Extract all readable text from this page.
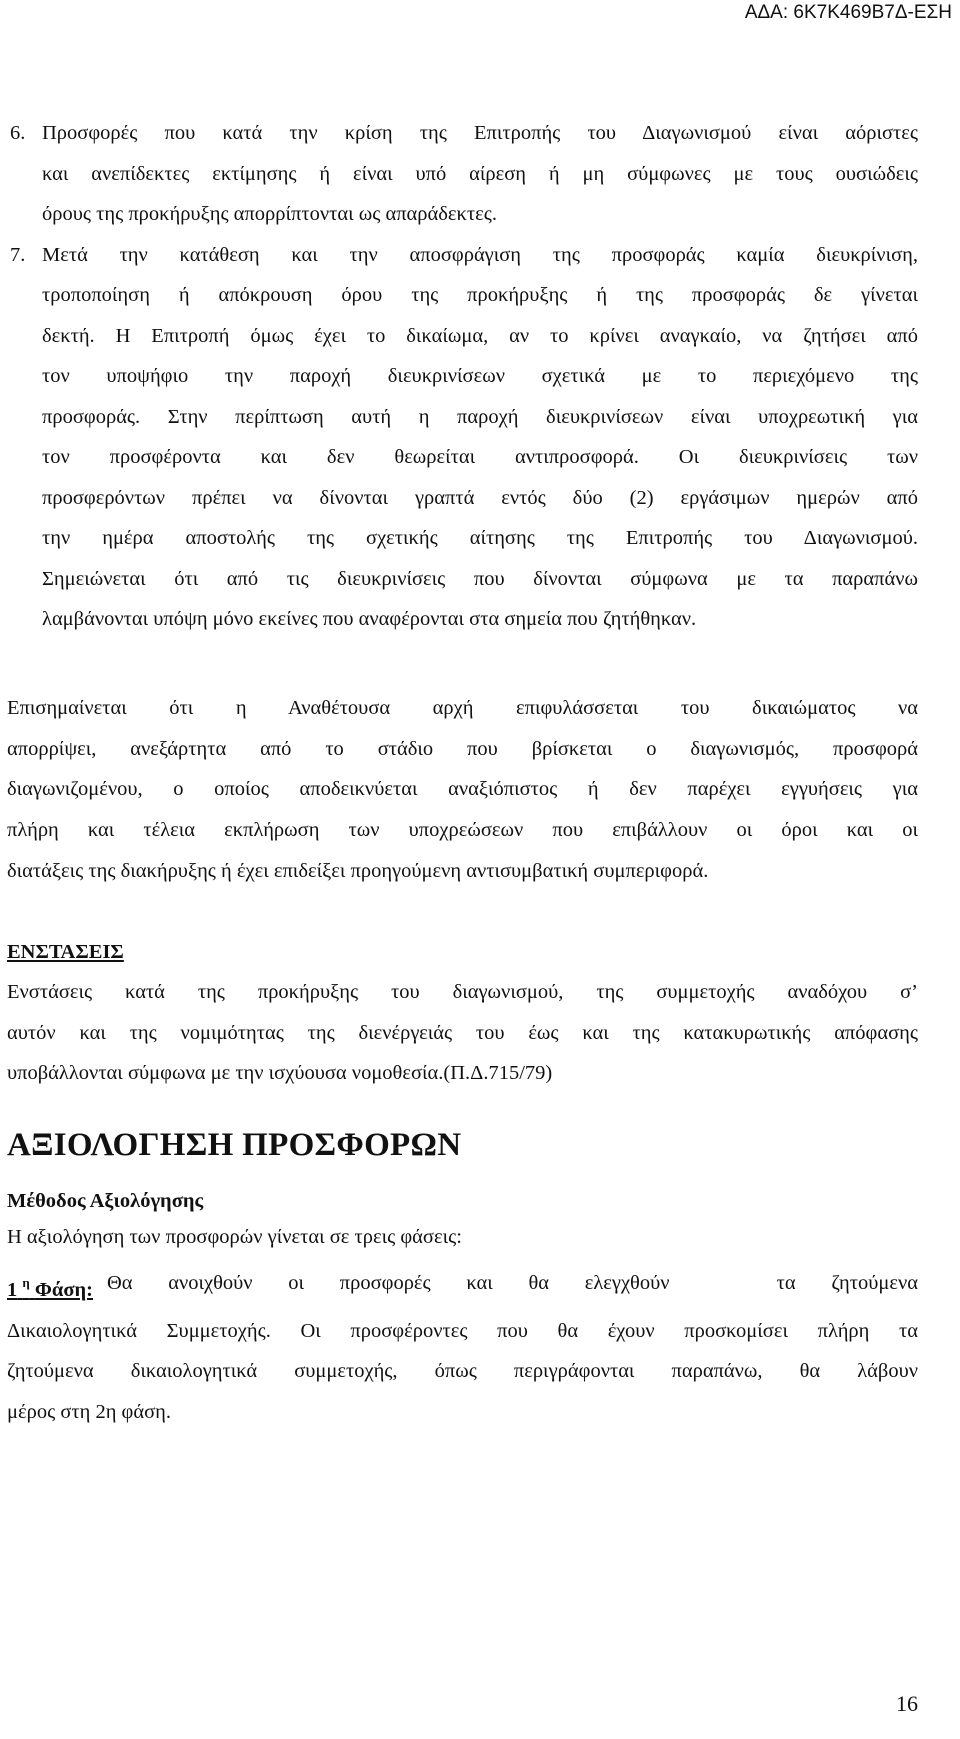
ΑΔΑ: 6Κ7Κ469Β7Δ-ΕΣΗ
6. Προσφορές που κατά την κρίση της Επιτροπής του Διαγωνισμού είναι αόριστες
και ανεπίδεκτες εκτίμησης ή είναι υπό αίρεση ή μη σύμφωνες με τους ουσιώδεις
όρους της προκήρυξης απορρίπτονται ως απαράδεκτες.
7. Μετά την κατάθεση και την αποσφράγιση της προσφοράς καμία διευκρίνιση,
τροποποίηση ή απόκρουση όρου της προκήρυξης ή της προσφοράς δε γίνεται
δεκτή. Η Επιτροπή όμως έχει το δικαίωμα, αν το κρίνει αναγκαίο, να ζητήσει από
τον υποψήφιο την παροχή διευκρινίσεων σχετικά με το περιεχόμενο της
προσφοράς. Στην περίπτωση αυτή η παροχή διευκρινίσεων είναι υποχρεωτική για
τον προσφέροντα και δεν θεωρείται αντιπροσφορά. Οι διευκρινίσεις των
προσφερόντων πρέπει να δίνονται γραπτά εντός δύο (2) εργάσιμων ημερών από
την ημέρα αποστολής της σχετικής αίτησης της Επιτροπής του Διαγωνισμού.
Σημειώνεται ότι από τις διευκρινίσεις που δίνονται σύμφωνα με τα παραπάνω
λαμβάνονται υπόψη μόνο εκείνες που αναφέρονται στα σημεία που ζητήθηκαν.
Επισημαίνεται ότι η Αναθέτουσα αρχή επιφυλάσσεται του δικαιώματος να
απορρίψει, ανεξάρτητα από το στάδιο που βρίσκεται ο διαγωνισμός, προσφορά
διαγωνιζομένου, ο οποίος αποδεικνύεται αναξιόπιστος ή δεν παρέχει εγγυήσεις για
πλήρη και τέλεια εκπλήρωση των υποχρεώσεων που επιβάλλουν οι όροι και οι
διατάξεις της διακήρυξης ή έχει επιδείξει προηγούμενη αντισυμβατική συμπεριφορά.
ΕΝΣΤΑΣΕΙΣ
Ενστάσεις κατά της προκήρυξης του διαγωνισμού, της συμμετοχής αναδόχου σ’
αυτόν και της νομιμότητας της διενέργειάς του έως και της κατακυρωτικής απόφασης
υποβάλλονται σύμφωνα με την ισχύουσα νομοθεσία.(Π.Δ.715/79)
ΑΞΙΟΛΟΓΗΣΗ ΠΡΟΣΦΟΡΩΝ
Μέθοδος Αξιολόγησης
Η αξιολόγηση των προσφορών γίνεται σε τρεις φάσεις:
1 $^\eta$ Φάση: Θα ανοιχθούν οι προσφορές και θα ελεγχθούν   τα ζητούμενα
Δικαιολογητικά Συμμετοχής. Οι προσφέροντες που θα έχουν προσκομίσει πλήρη τα
ζητούμενα δικαιολογητικά συμμετοχής, όπως περιγράφονται παραπάνω, θα λάβουν
μέρος στη 2η φάση.
16
